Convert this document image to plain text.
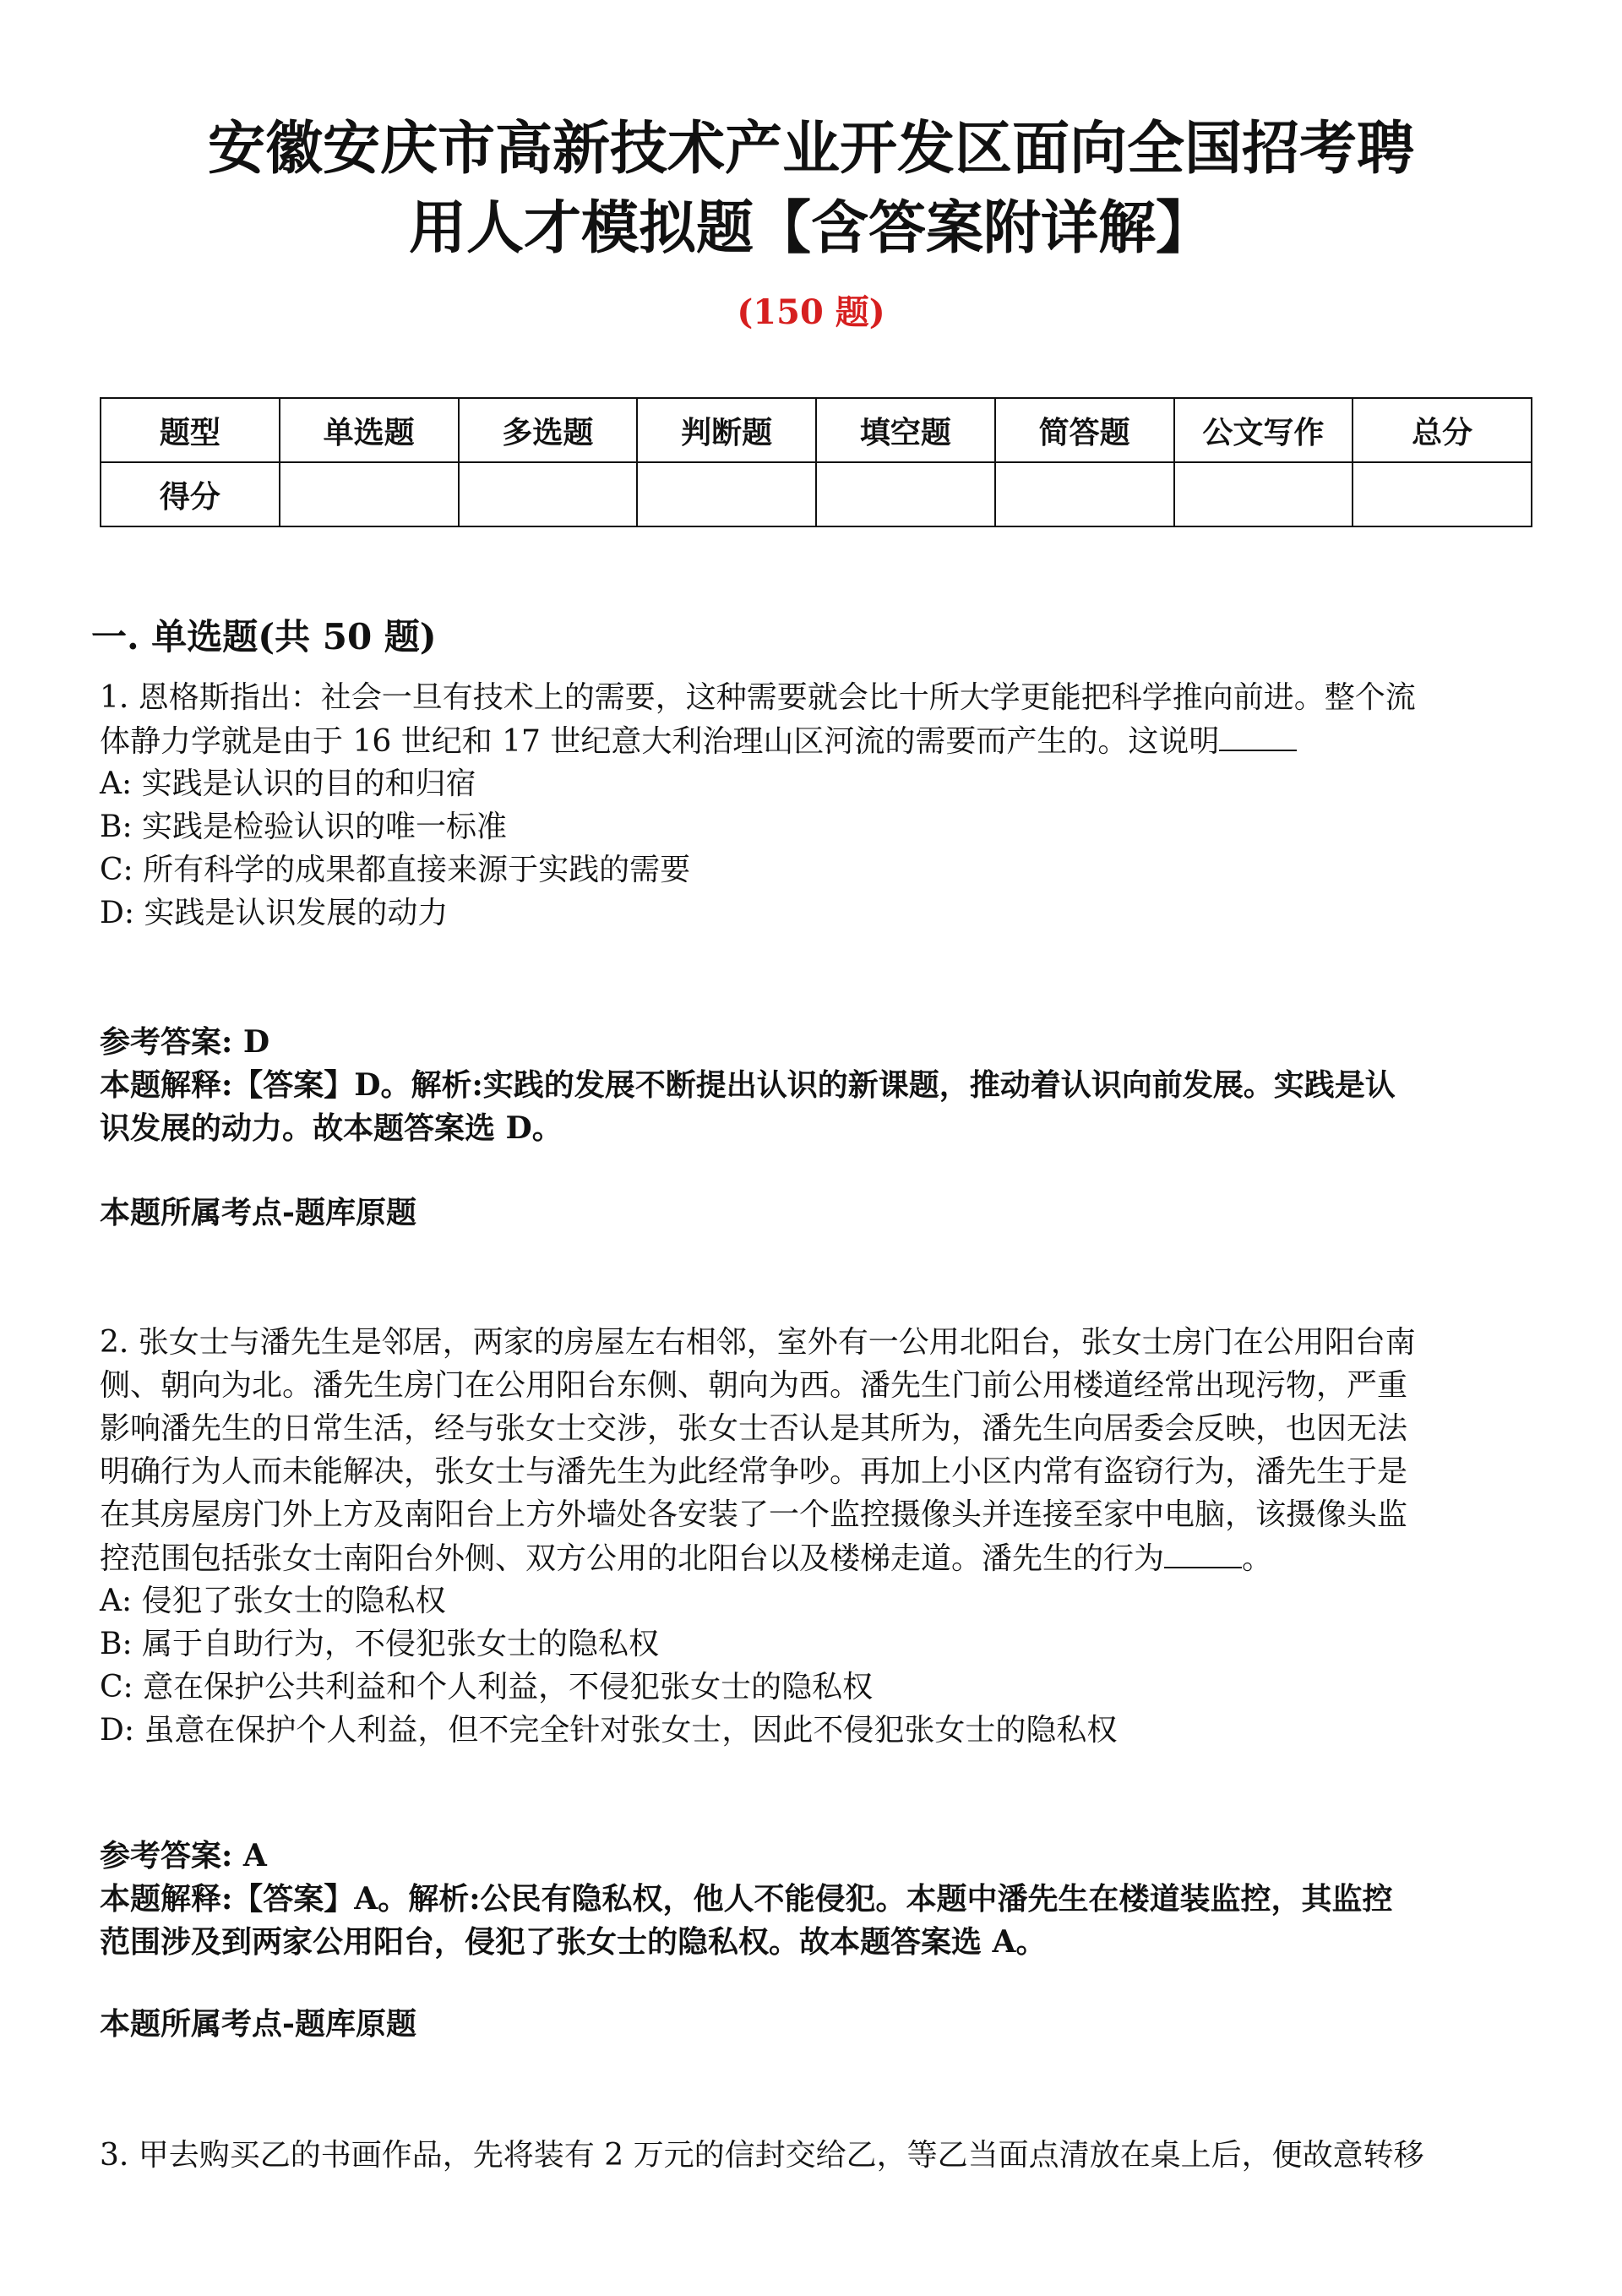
安徽安庆市高新技术产业开发区面向全国招考聘
用人才模拟题【含答案附详解】
(150 题)
题型	单选题	多选题	判断题	填空题	简答题	公文写作	总分
得分							
一. 单选题(共 50 题)
1. 恩格斯指出：社会一旦有技术上的需要，这种需要就会比十所大学更能把科学推向前进。整个流
体静力学就是由于 16 世纪和 17 世纪意大利治理山区河流的需要而产生的。这说明
A: 实践是认识的目的和归宿
B: 实践是检验认识的唯一标准
C: 所有科学的成果都直接来源于实践的需要
D: 实践是认识发展的动力
参考答案: D
本题解释:【答案】D。解析:实践的发展不断提出认识的新课题，推动着认识向前发展。实践是认
识发展的动力。故本题答案选 D。
本题所属考点-题库原题
2. 张女士与潘先生是邻居，两家的房屋左右相邻，室外有一公用北阳台，张女士房门在公用阳台南
侧、朝向为北。潘先生房门在公用阳台东侧、朝向为西。潘先生门前公用楼道经常出现污物，严重
影响潘先生的日常生活，经与张女士交涉，张女士否认是其所为，潘先生向居委会反映，也因无法
明确行为人而未能解决，张女士与潘先生为此经常争吵。再加上小区内常有盗窃行为，潘先生于是
在其房屋房门外上方及南阳台上方外墙处各安装了一个监控摄像头并连接至家中电脑，该摄像头监
控范围包括张女士南阳台外侧、双方公用的北阳台以及楼梯走道。潘先生的行为	。
A: 侵犯了张女士的隐私权
B: 属于自助行为，不侵犯张女士的隐私权
C: 意在保护公共利益和个人利益，不侵犯张女士的隐私权
D: 虽意在保护个人利益，但不完全针对张女士，因此不侵犯张女士的隐私权
参考答案: A
本题解释:【答案】A。解析:公民有隐私权，他人不能侵犯。本题中潘先生在楼道装监控，其监控
范围涉及到两家公用阳台，侵犯了张女士的隐私权。故本题答案选 A。
本题所属考点-题库原题
3. 甲去购买乙的书画作品，先将装有 2 万元的信封交给乙，等乙当面点清放在桌上后，便故意转移
